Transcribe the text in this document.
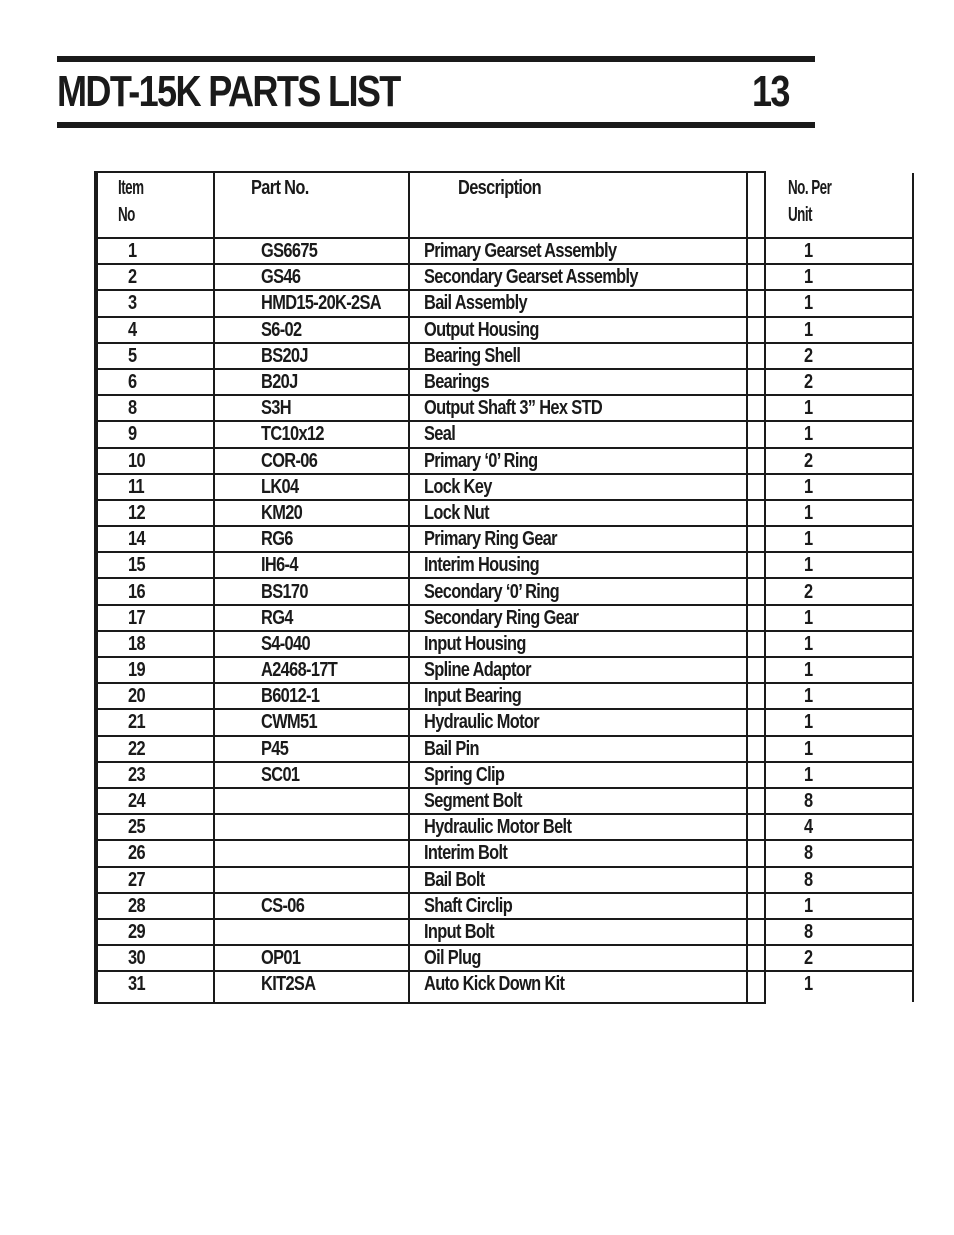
MDT-15K PARTS LIST	13
Item
No	Part No.	Description	No. Per
Unit
1	GS6675	Primary Gearset Assembly	1
2	GS46	Secondary Gearset Assembly	1
3	HMD15-20K-2SA	Bail Assembly	1
4	S6-02	Output Housing	1
5	BS20J	Bearing Shell	2
6	B20J	Bearings	2
8	S3H	Output Shaft 3” Hex STD	1
9	TC10x12	Seal	1
10	COR-06	Primary ‘0’ Ring	2
11	LK04	Lock Key	1
12	KM20	Lock Nut	1
14	RG6	Primary Ring Gear	1
15	IH6-4	Interim Housing	1
16	BS170	Secondary ‘0’ Ring	2
17	RG4	Secondary Ring Gear	1
18	S4-040	Input Housing	1
19	A2468-17T	Spline Adaptor	1
20	B6012-1	Input Bearing	1
21	CWM51	Hydraulic Motor	1
22	P45	Bail Pin	1
23	SC01	Spring Clip	1
24		Segment Bolt	8
25		Hydraulic Motor Belt	4
26		Interim Bolt	8
27		Bail Bolt	8
28	CS-06	Shaft Circlip	1
29		Input Bolt	8
30	OP01	Oil Plug	2
31	KIT2SA	Auto Kick Down Kit	1
